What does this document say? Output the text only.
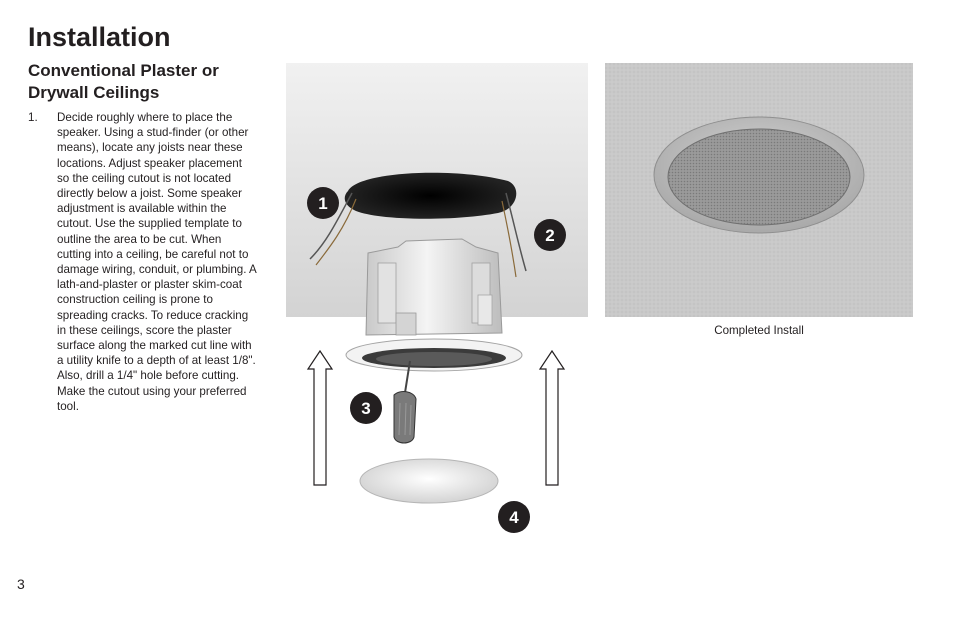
Installation
Conventional Plaster or Drywall Ceilings
1. Decide roughly where to place the speaker. Using a stud-finder (or other means), locate any joists near these locations. Adjust speaker placement so the ceiling cutout is not located directly below a joist. Some speaker adjustment is available within the cutout. Use the supplied template to outline the area to be cut. When cutting into a ceiling, be careful not to damage wiring, conduit, or plumbing. A lath-and-plaster or plaster skim-coat construction ceiling is prone to spreading cracks. To reduce cracking in these ceilings, score the plaster surface along the marked cut line with a utility knife to a depth of at least 1/8". Also, drill a 1/4" hole before cutting. Make the cutout using your preferred tool.
1
2
3
4
Completed Install
3
